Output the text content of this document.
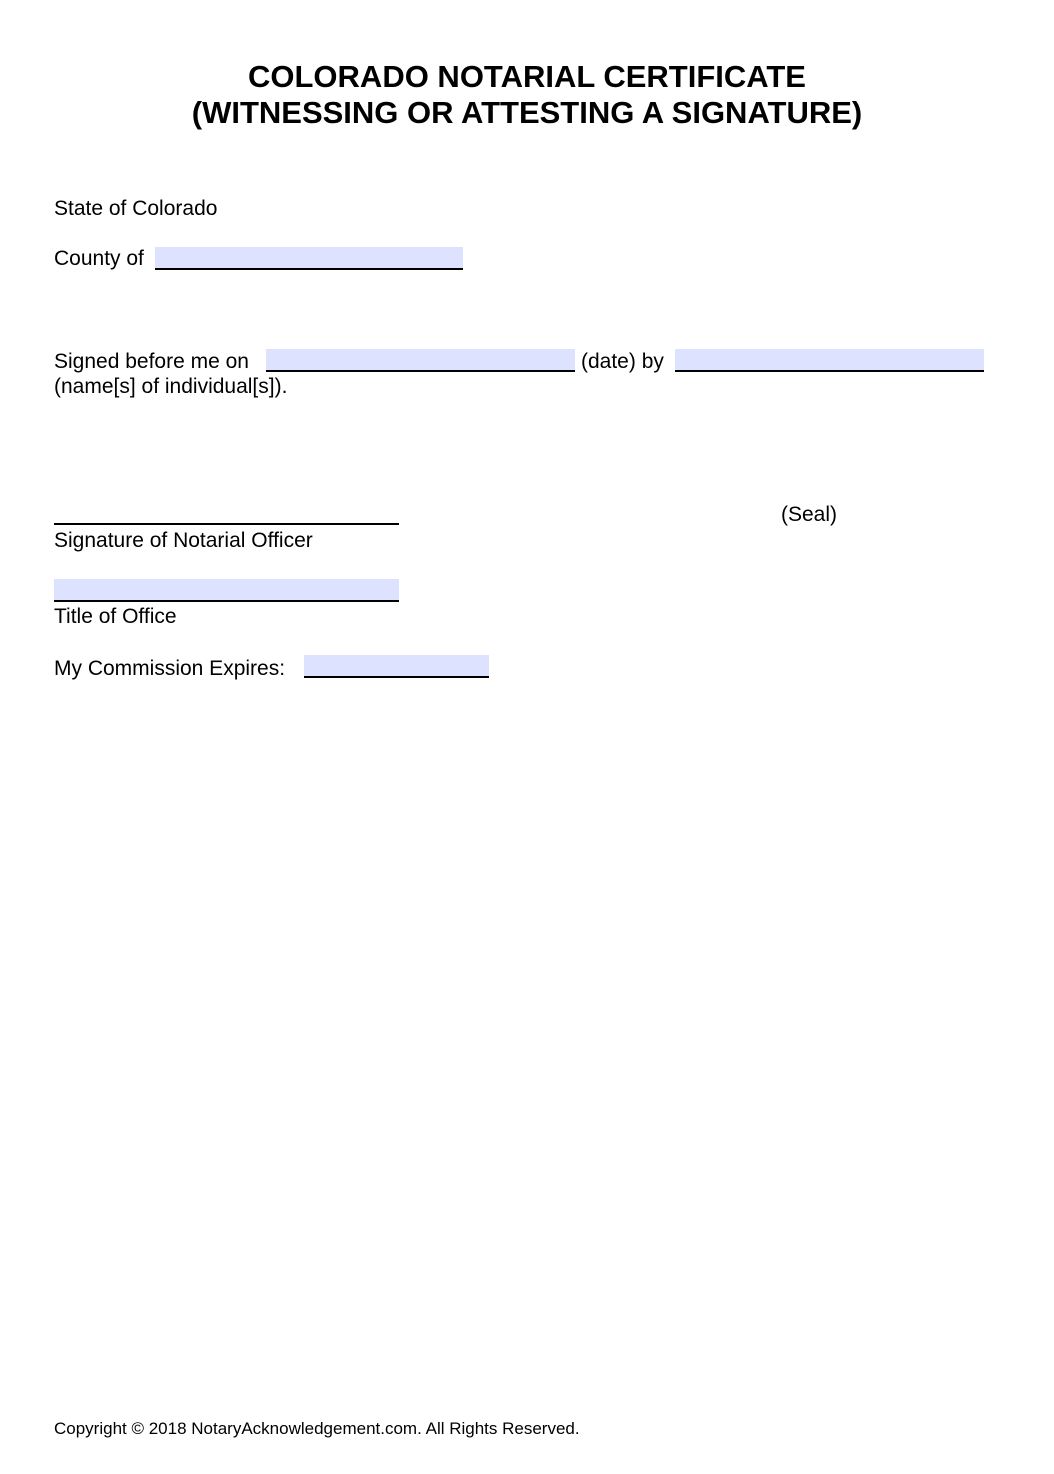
COLORADO NOTARIAL CERTIFICATE
(WITNESSING OR ATTESTING A SIGNATURE)
State of Colorado
County of
Signed before me on	(date) by
(name[s] of individual[s]).
(Seal)
Signature of Notarial Officer
Title of Office
My Commission Expires:
Copyright © 2018 NotaryAcknowledgement.com. All Rights Reserved.
